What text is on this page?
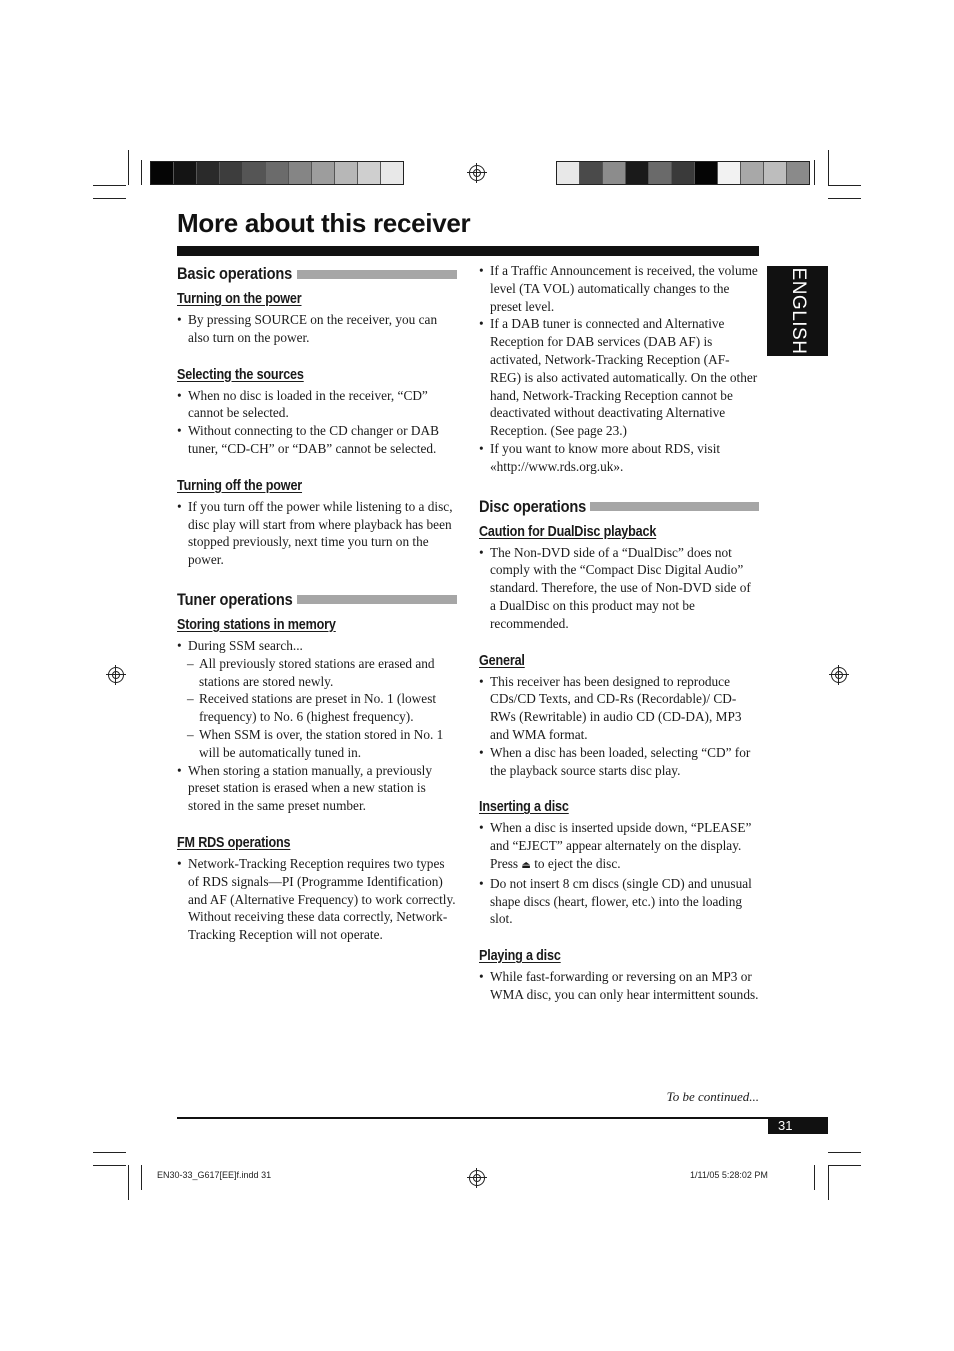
More about this receiver
ENGLISH
Basic operations
Turning on the power
• By pressing SOURCE on the receiver, you can also turn on the power.
Selecting the sources
• When no disc is loaded in the receiver, “CD” cannot be selected.
• Without connecting to the CD changer or DAB tuner, “CD-CH” or “DAB” cannot be selected.
Turning off the power
• If you turn off the power while listening to a disc, disc play will start from where playback has been stopped previously, next time you turn on the power.
Tuner operations
Storing stations in memory
• During SSM search...
– All previously stored stations are erased and stations are stored newly.
– Received stations are preset in No. 1 (lowest frequency) to No. 6 (highest frequency).
– When SSM is over, the station stored in No. 1 will be automatically tuned in.
• When storing a station manually, a previously preset station is erased when a new station is stored in the same preset number.
FM RDS operations
• Network-Tracking Reception requires two types of RDS signals—PI (Programme Identification) and AF (Alternative Frequency) to work correctly. Without receiving these data correctly, Network-Tracking Reception will not operate.
• If a Traffic Announcement is received, the volume level (TA VOL) automatically changes to the preset level.
• If a DAB tuner is connected and Alternative Reception for DAB services (DAB AF) is activated, Network-Tracking Reception (AF-REG) is also activated automatically. On the other hand, Network-Tracking Reception cannot be deactivated without deactivating Alternative Reception. (See page 23.)
• If you want to know more about RDS, visit «http://www.rds.org.uk».
Disc operations
Caution for DualDisc playback
• The Non-DVD side of a “DualDisc” does not comply with the “Compact Disc Digital Audio” standard. Therefore, the use of Non-DVD side of a DualDisc on this product may not be recommended.
General
• This receiver has been designed to reproduce CDs/CD Texts, and CD-Rs (Recordable)/ CD-RWs (Rewritable) in audio CD (CD-DA), MP3 and WMA format.
• When a disc has been loaded, selecting “CD” for the playback source starts disc play.
Inserting a disc
• When a disc is inserted upside down, “PLEASE” and “EJECT” appear alternately on the display. Press ⏏ to eject the disc.
• Do not insert 8 cm discs (single CD) and unusual shape discs (heart, flower, etc.) into the loading slot.
Playing a disc
• While fast-forwarding or reversing on an MP3 or WMA disc, you can only hear intermittent sounds.
To be continued...
31
EN30-33_G617[EE]f.indd 31	1/11/05 5:28:02 PM
